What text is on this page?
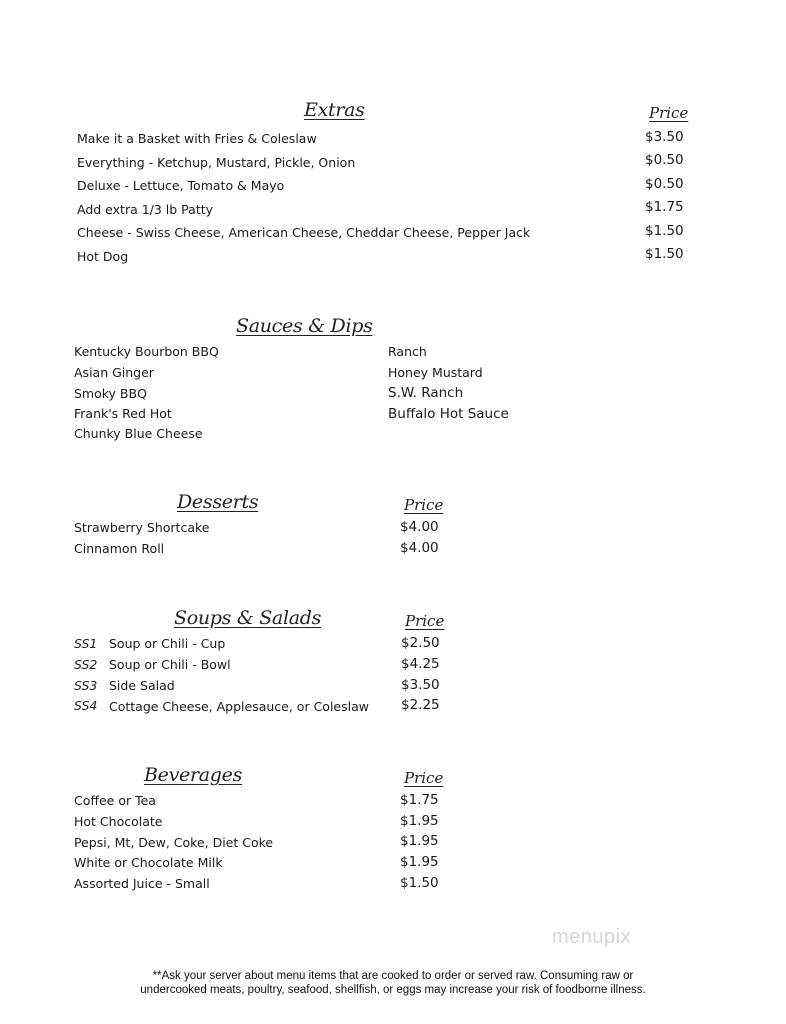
Extras	Price
Make it a Basket with Fries & Coleslaw	$3.50
Everything - Ketchup, Mustard, Pickle, Onion	$0.50
Deluxe - Lettuce, Tomato & Mayo	$0.50
Add extra 1/3 lb Patty	$1.75
Cheese - Swiss Cheese, American Cheese, Cheddar Cheese, Pepper Jack	$1.50
Hot Dog	$1.50
Sauces & Dips
Kentucky Bourbon BBQ
Asian Ginger
Smoky BBQ
Frank's Red Hot
Chunky Blue Cheese
Ranch
Honey Mustard
S.W. Ranch
Buffalo Hot Sauce
Desserts	Price
Strawberry Shortcake	$4.00
Cinnamon Roll	$4.00
Soups & Salads	Price
SS1 Soup or Chili - Cup	$2.50
SS2 Soup or Chili - Bowl	$4.25
SS3 Side Salad	$3.50
SS4 Cottage Cheese, Applesauce, or Coleslaw $2.25
Beverages	Price
Coffee or Tea	$1.75
Hot Chocolate	$1.95
Pepsi, Mt, Dew, Coke, Diet Coke	$1.95
White or Chocolate Milk	$1.95
Assorted Juice - Small	$1.50
menupix
**Ask your server about menu items that are cooked to order or served raw. Consuming raw or
undercooked meats, poultry, seafood, shellfish, or eggs may increase your risk of foodborne illness.
